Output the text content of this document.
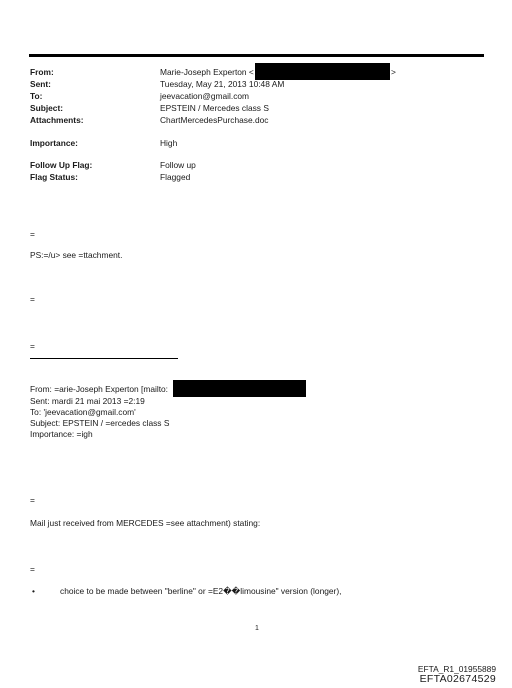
From:	Marie-Joseph Experton <	>
Sent:	Tuesday, May 21, 2013 10:48 AM
To:	jeevacation@gmail.com
Subject:	EPSTEIN / Mercedes class S
Attachments:	ChartMercedesPurchase.doc
Importance:	High
Follow Up Flag:	Follow up
Flag Status:	Flagged
=
PS:=/u> see =ttachment.
=
=
From: =arie-Joseph Experton [mailto:
Sent: mardi 21 mai 2013 =2:19
To: 'jeevacation@gmail.com'
Subject: EPSTEIN / =ercedes class S
Importance: =igh
=
Mail just received from MERCEDES =see attachment) stating:
=
•	choice to be made between "berline" or =E2��limousine" version (longer),
1
EFTA_R1_01955889
EFTA02674529
